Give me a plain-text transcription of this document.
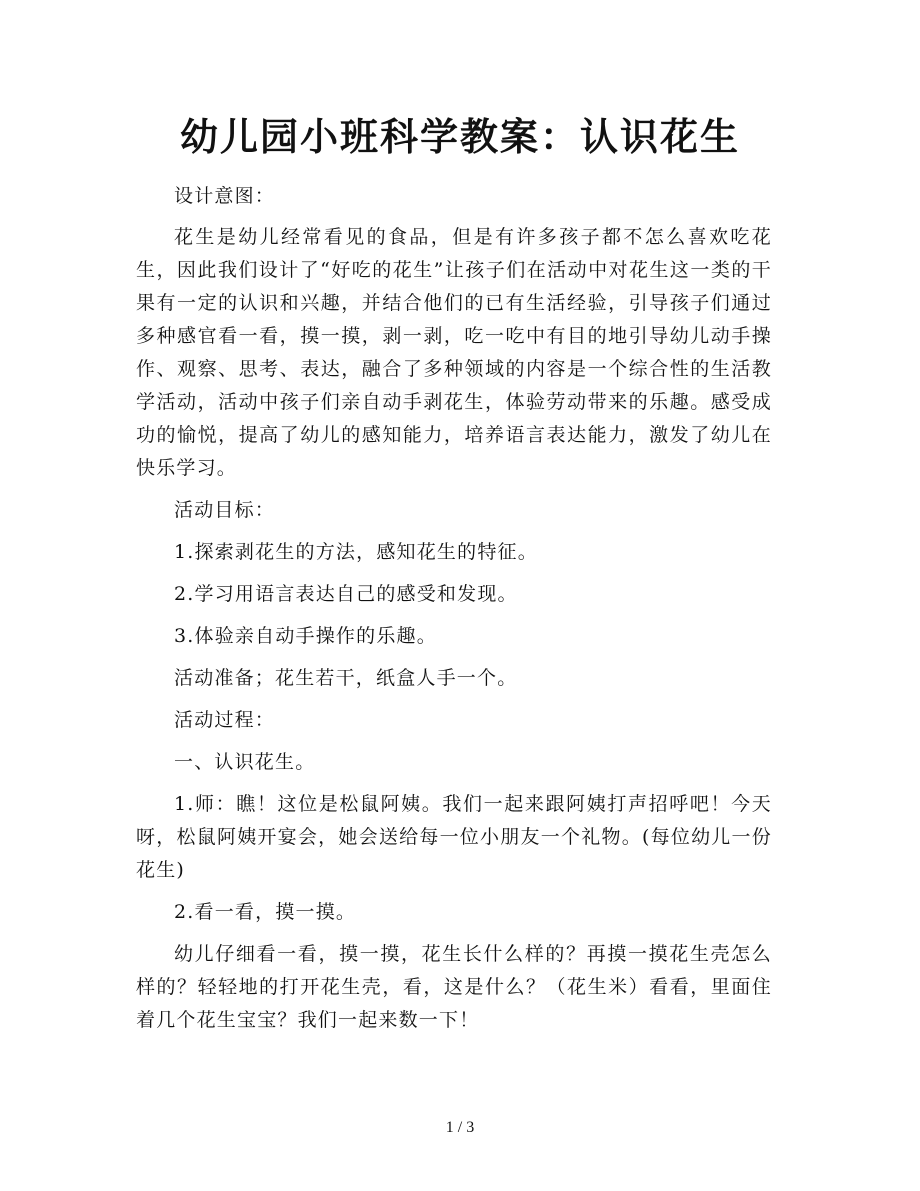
幼儿园小班科学教案：认识花生

设计意图：

花生是幼儿经常看见的食品，但是有许多孩子都不怎么喜欢吃花生，因此我们设计了“好吃的花生”让孩子们在活动中对花生这一类的干果有一定的认识和兴趣，并结合他们的已有生活经验，引导孩子们通过多种感官看一看，摸一摸，剥一剥，吃一吃中有目的地引导幼儿动手操作、观察、思考、表达，融合了多种领域的内容是一个综合性的生活教学活动，活动中孩子们亲自动手剥花生，体验劳动带来的乐趣。感受成功的愉悦，提高了幼儿的感知能力，培养语言表达能力，激发了幼儿在快乐学习。

活动目标：

1.探索剥花生的方法，感知花生的特征。

2.学习用语言表达自己的感受和发现。

3.体验亲自动手操作的乐趣。

活动准备；花生若干，纸盒人手一个。

活动过程：

一、认识花生。

1.师：瞧！这位是松鼠阿姨。我们一起来跟阿姨打声招呼吧！今天呀，松鼠阿姨开宴会，她会送给每一位小朋友一个礼物。(每位幼儿一份花生)

2.看一看，摸一摸。

幼儿仔细看一看，摸一摸，花生长什么样的？再摸一摸花生壳怎么样的？轻轻地的打开花生壳，看，这是什么？（花生米）看看，里面住着几个花生宝宝？我们一起来数一下！

1 / 3
